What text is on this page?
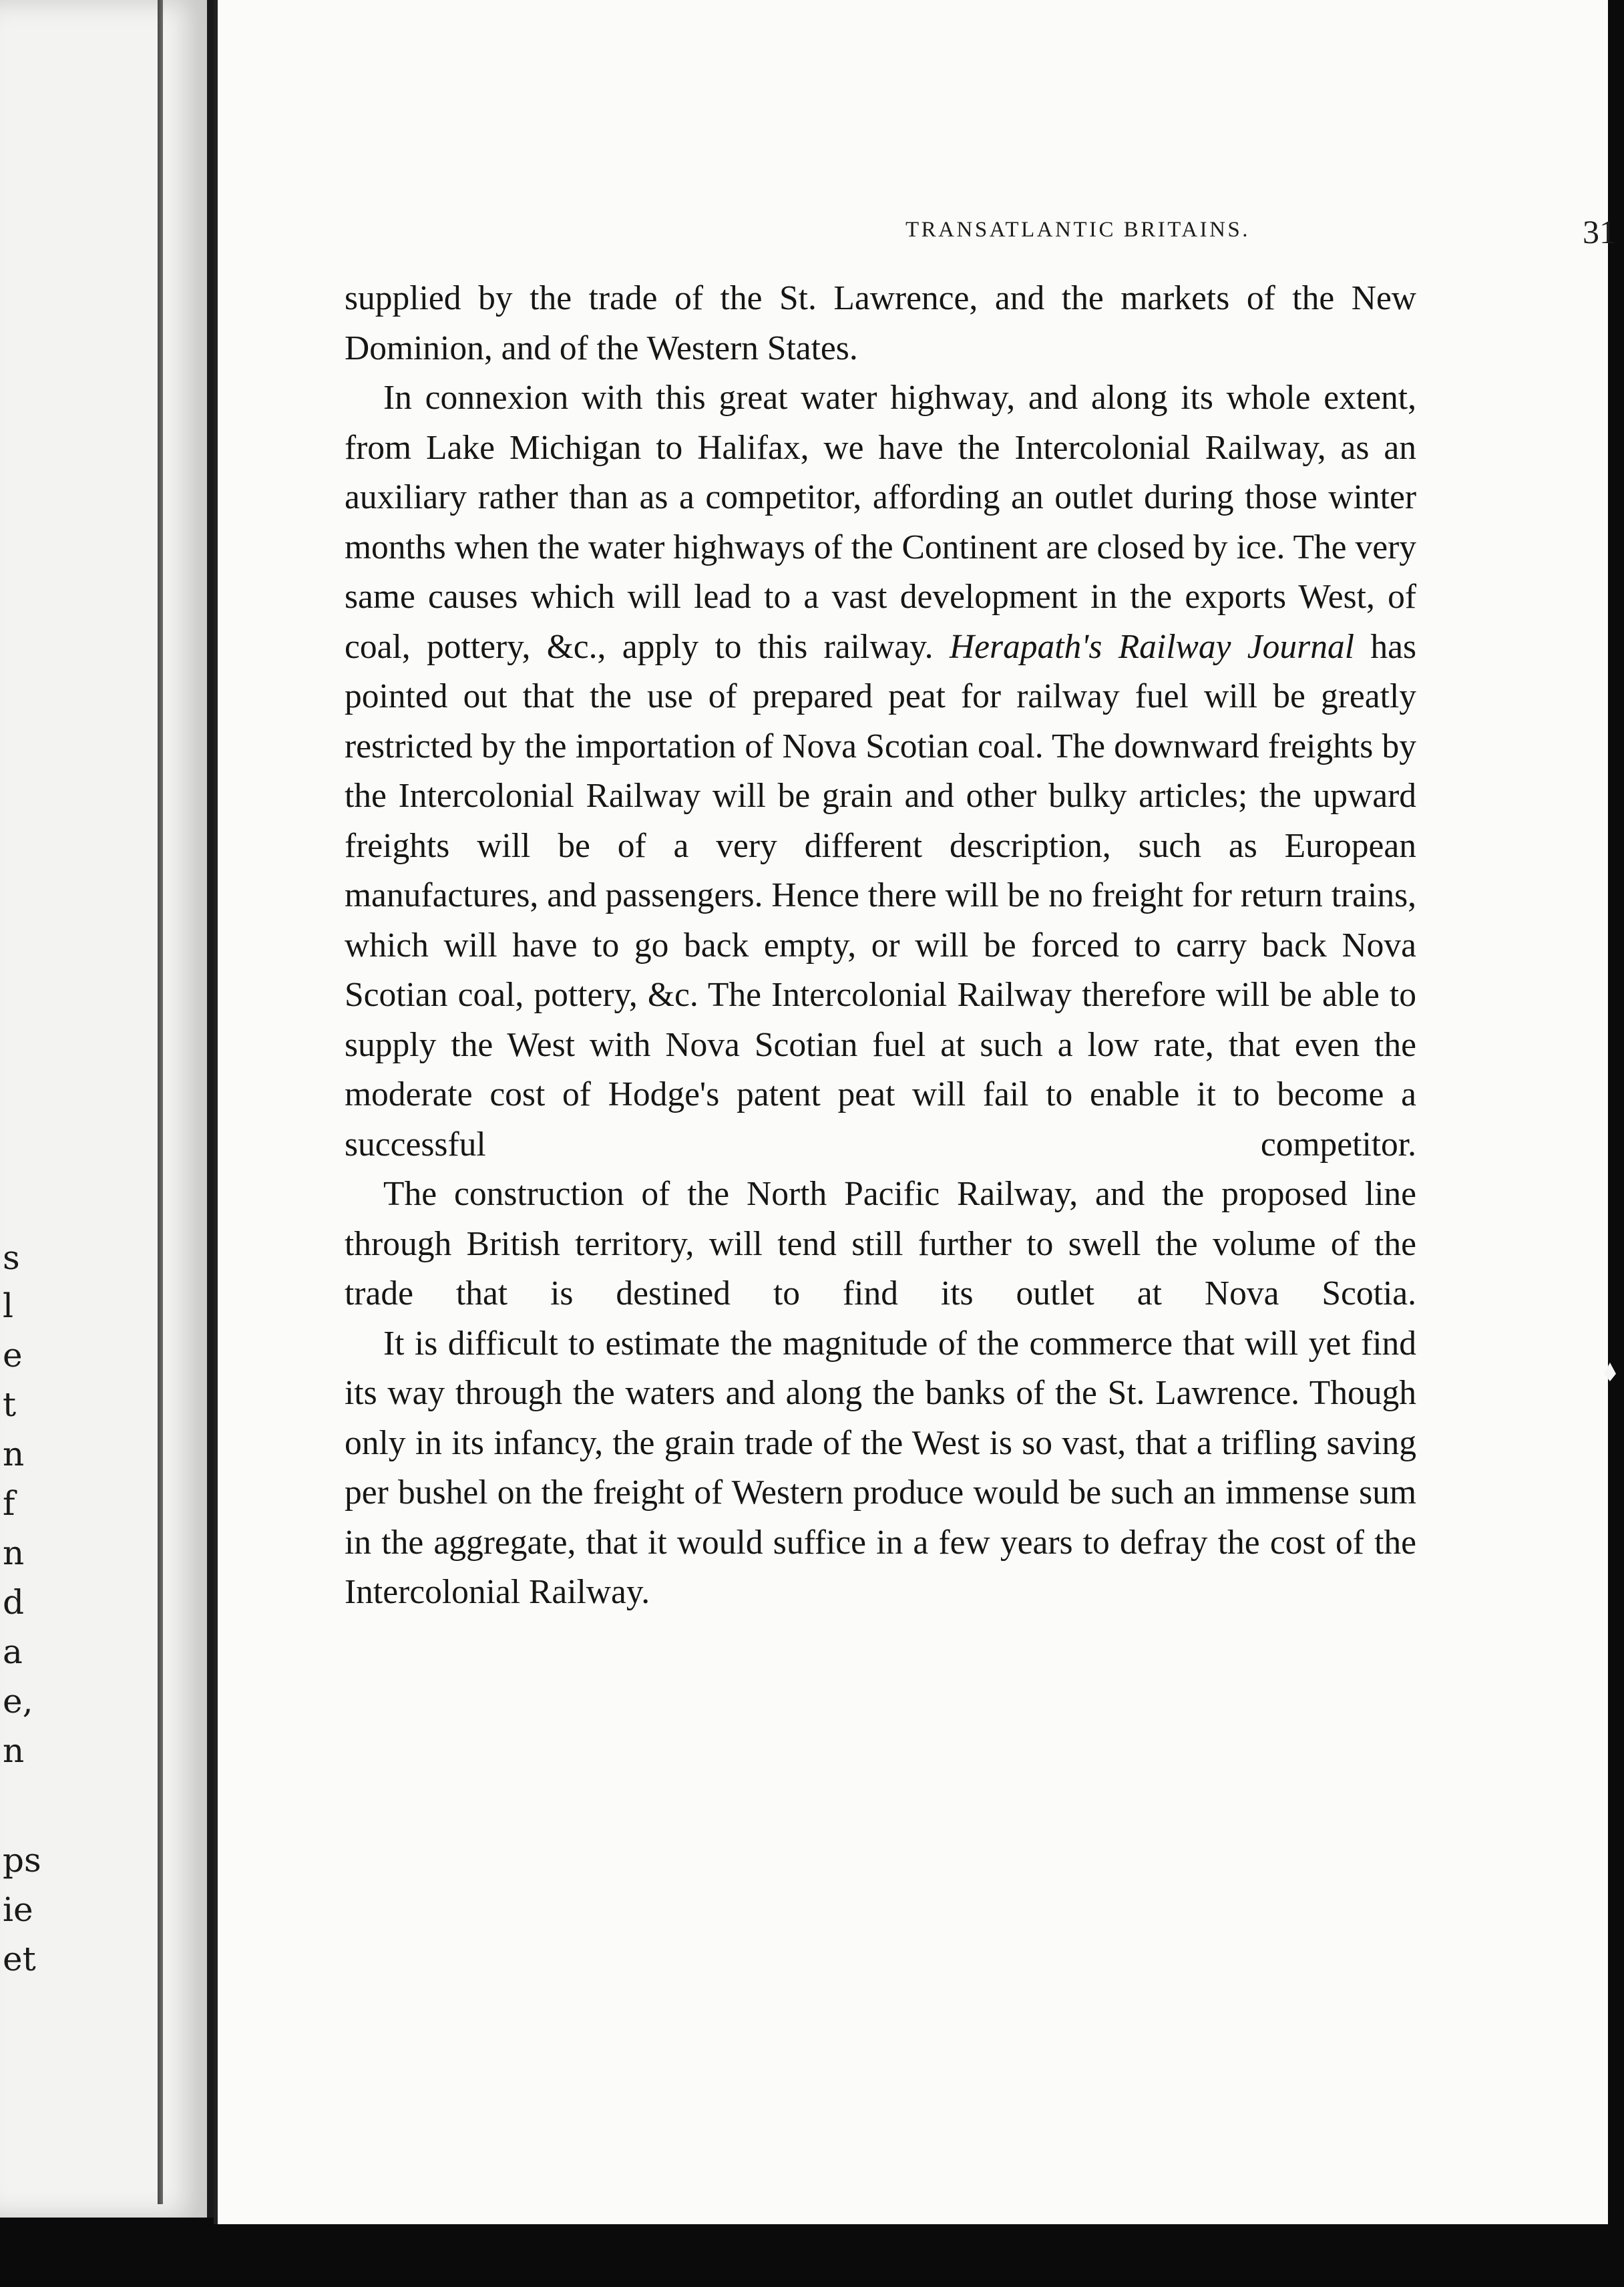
s
l
e
t
n
f
n
d
a
e,
n
ps
ie
et
TRANSATLANTIC BRITAINS.	31

supplied by the trade of the St. Lawrence, and the markets of the New Dominion, and of the Western States.

In connexion with this great water highway, and along its whole extent, from Lake Michigan to Halifax, we have the Intercolonial Railway, as an auxiliary rather than as a competitor, affording an outlet during those winter months when the water highways of the Continent are closed by ice. The very same causes which will lead to a vast development in the exports West, of coal, pottery, &c., apply to this railway. Herapath's Railway Journal has pointed out that the use of prepared peat for railway fuel will be greatly restricted by the importation of Nova Scotian coal. The downward freights by the Intercolonial Railway will be grain and other bulky articles; the upward freights will be of a very different description, such as European manufactures, and passengers. Hence there will be no freight for return trains, which will have to go back empty, or will be forced to carry back Nova Scotian coal, pottery, &c. The Intercolonial Railway therefore will be able to supply the West with Nova Scotian fuel at such a low rate, that even the moderate cost of Hodge's patent peat will fail to enable it to become a successful competitor.

The construction of the North Pacific Railway, and the proposed line through British territory, will tend still further to swell the volume of the trade that is destined to find its outlet at Nova Scotia.

It is difficult to estimate the magnitude of the commerce that will yet find its way through the waters and along the banks of the St. Lawrence. Though only in its infancy, the grain trade of the West is so vast, that a trifling saving per bushel on the freight of Western produce would be such an immense sum in the aggregate, that it would suffice in a few years to defray the cost of the Intercolonial Railway.
